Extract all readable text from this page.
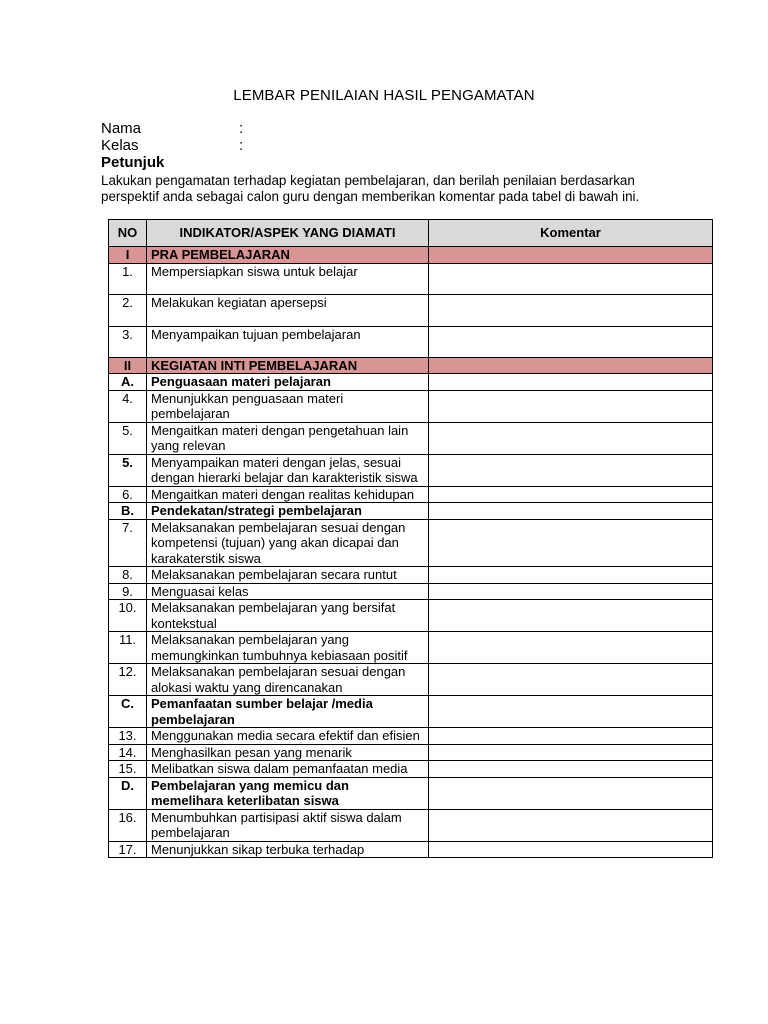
LEMBAR PENILAIAN HASIL PENGAMATAN
Nama	:
Kelas	:
Petunjuk
Lakukan pengamatan terhadap kegiatan pembelajaran, dan berilah penilaian berdasarkan
perspektif anda sebagai calon guru dengan memberikan komentar pada tabel di bawah ini.
NO	INDIKATOR/ASPEK YANG DIAMATI	Komentar
I	PRA PEMBELAJARAN	
1.	Mempersiapkan siswa untuk belajar	
2.	Melakukan kegiatan apersepsi	
3.	Menyampaikan tujuan pembelajaran	
II	KEGIATAN INTI PEMBELAJARAN	
A.	Penguasaan materi pelajaran	
4.	Menunjukkan penguasaan materi pembelajaran	
5.	Mengaitkan materi dengan pengetahuan lain yang relevan	
5.	Menyampaikan materi dengan jelas, sesuai dengan hierarki belajar dan karakteristik siswa	
6.	Mengaitkan materi dengan realitas kehidupan	
B.	Pendekatan/strategi pembelajaran	
7.	Melaksanakan pembelajaran sesuai dengan kompetensi (tujuan) yang akan dicapai dan karakaterstik siswa	
8.	Melaksanakan pembelajaran secara runtut	
9.	Menguasai kelas	
10.	Melaksanakan pembelajaran yang bersifat kontekstual	
11.	Melaksanakan pembelajaran yang memungkinkan tumbuhnya kebiasaan positif	
12.	Melaksanakan pembelajaran sesuai dengan alokasi waktu yang direncanakan	
C.	Pemanfaatan sumber belajar /media pembelajaran	
13.	Menggunakan media secara efektif dan efisien	
14.	Menghasilkan pesan yang menarik	
15.	Melibatkan siswa dalam pemanfaatan media	
D.	Pembelajaran yang memicu dan memelihara keterlibatan siswa	
16.	Menumbuhkan partisipasi aktif siswa dalam pembelajaran	
17.	Menunjukkan sikap terbuka terhadap	
